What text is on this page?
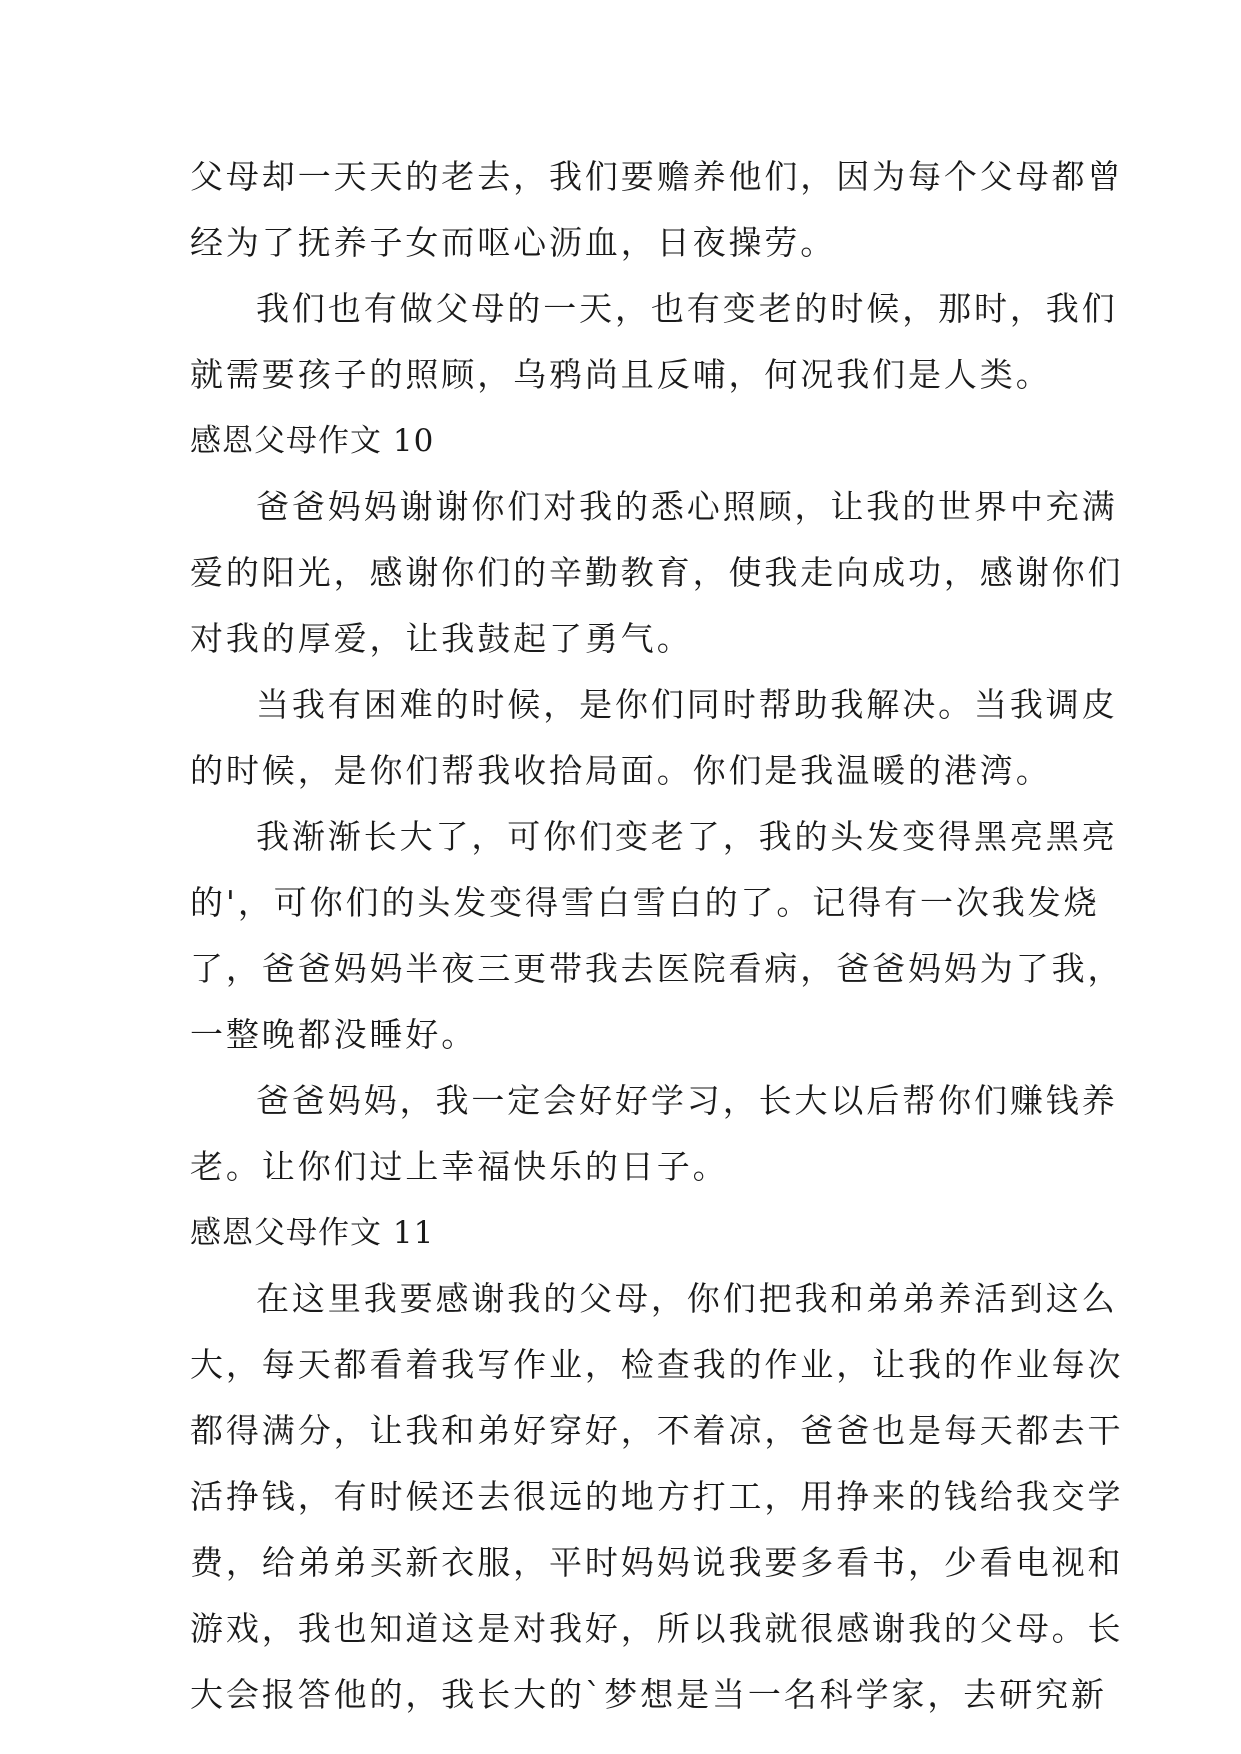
父母却一天天的老去，我们要赡养他们，因为每个父母都曾
经为了抚养子女而呕心沥血，日夜操劳。
我们也有做父母的一天，也有变老的时候，那时，我们
就需要孩子的照顾，乌鸦尚且反哺，何况我们是人类。
感恩父母作文 10
爸爸妈妈谢谢你们对我的悉心照顾，让我的世界中充满
爱的阳光，感谢你们的辛勤教育，使我走向成功，感谢你们
对我的厚爱，让我鼓起了勇气。
当我有困难的时候，是你们同时帮助我解决。当我调皮
的时候，是你们帮我收拾局面。你们是我温暖的港湾。
我渐渐长大了，可你们变老了，我的头发变得黑亮黑亮
的'，可你们的头发变得雪白雪白的了。记得有一次我发烧
了，爸爸妈妈半夜三更带我去医院看病，爸爸妈妈为了我，
一整晚都没睡好。
爸爸妈妈，我一定会好好学习，长大以后帮你们赚钱养
老。让你们过上幸福快乐的日子。
感恩父母作文 11
在这里我要感谢我的父母，你们把我和弟弟养活到这么
大，每天都看着我写作业，检查我的作业，让我的作业每次
都得满分，让我和弟好穿好，不着凉，爸爸也是每天都去干
活挣钱，有时候还去很远的地方打工，用挣来的钱给我交学
费，给弟弟买新衣服，平时妈妈说我要多看书，少看电视和
游戏，我也知道这是对我好，所以我就很感谢我的父母。长
大会报答他的，我长大的`梦想是当一名科学家，去研究新
